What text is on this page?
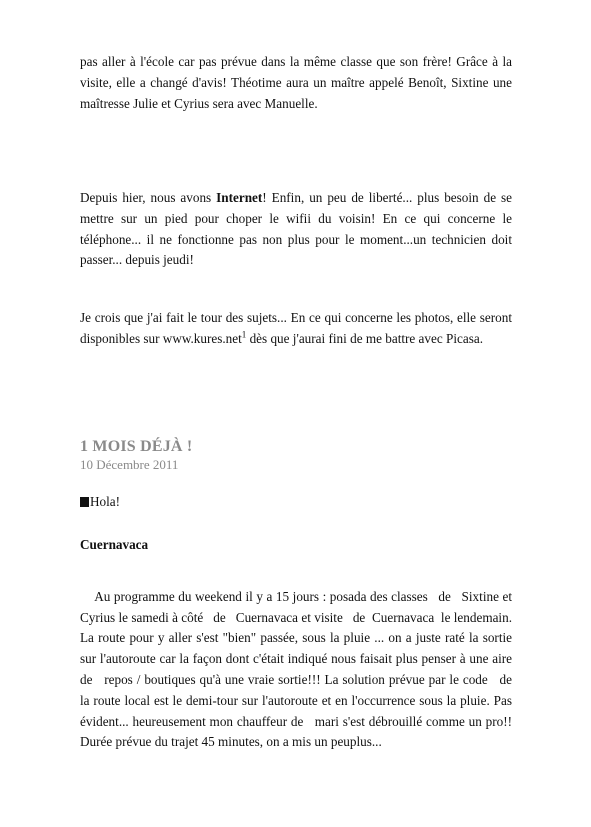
pas aller à l'école car pas prévue dans la même classe que son frère! Grâce à la visite, elle a changé d'avis! Théotime aura un maître appelé Benoît, Sixtine une maîtresse Julie et Cyrius sera avec Manuelle.

Depuis hier, nous avons Internet! Enfin, un peu de liberté... plus besoin de se mettre sur un pied pour choper le wifii du voisin! En ce qui concerne le téléphone... il ne fonctionne pas non plus pour le moment...un technicien doit passer... depuis jeudi!

Je crois que j'ai fait le tour des sujets... En ce qui concerne les photos, elle seront disponibles sur www.kures.net$^1$ dès que j'aurai fini de me battre avec Picasa.

1 MOIS DÉJÀ !
10 Décembre 2011

Hola!

Cuernavaca

Au programme du weekend il y a 15 jours : posada des classes   de   Sixtine et Cyrius le samedi à côté   de   Cuernavaca et visite   de  Cuernavaca  le lendemain. La route pour y aller s'est "bien" passée, sous la pluie ... on a juste raté la sortie sur l'autoroute car la façon dont c'était indiqué nous faisait plus penser à une aire   de   repos / boutiques qu'à une vraie sortie!!! La solution prévue par le code   de la route local est le demi-tour sur l'autoroute et en l'occurrence sous la pluie. Pas évident... heureusement mon chauffeur de   mari s'est débrouillé comme un pro!! Durée prévue du trajet 45 minutes, on a mis un peuplus...
